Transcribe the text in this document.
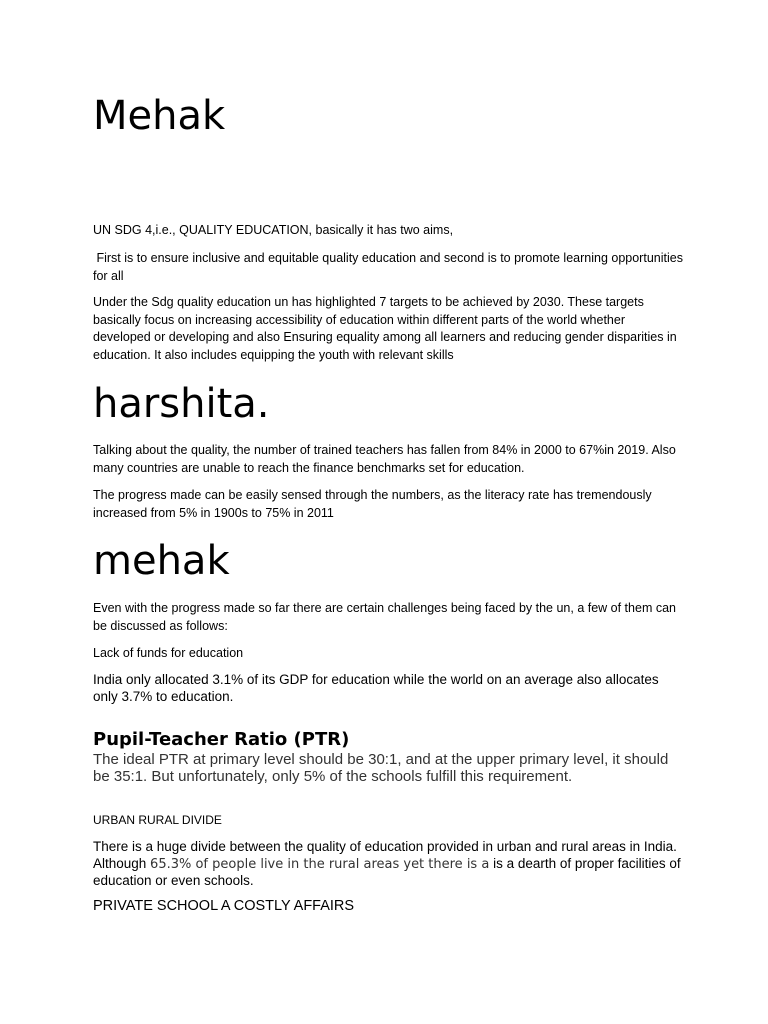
Mehak

UN SDG 4,i.e., QUALITY EDUCATION, basically it has two aims,

First is to ensure inclusive and equitable quality education and second is to promote learning opportunities for all

Under the Sdg quality education un has highlighted 7 targets to be achieved by 2030. These targets basically focus on increasing accessibility of education within different parts of the world whether developed or developing and also Ensuring equality among all learners and reducing gender disparities in education. It also includes equipping the youth with relevant skills

harshita.

Talking about the quality, the number of trained teachers has fallen from 84% in 2000 to 67%in 2019. Also many countries are unable to reach the finance benchmarks set for education.

The progress made can be easily sensed through the numbers, as the literacy rate has tremendously increased from 5% in 1900s to 75% in 2011

mehak

Even with the progress made so far there are certain challenges being faced by the un, a few of them can be discussed as follows:

Lack of funds for education

India only allocated 3.1% of its GDP for education while the world on an average also allocates only 3.7% to education.

Pupil-Teacher Ratio (PTR)

The ideal PTR at primary level should be 30:1, and at the upper primary level, it should be 35:1. But unfortunately, only 5% of the schools fulfill this requirement.

URBAN RURAL DIVIDE

There is a huge divide between the quality of education provided in urban and rural areas in India. Although 65.3% of people live in the rural areas yet there is a is a dearth of proper facilities of education or even schools.

PRIVATE SCHOOL A COSTLY AFFAIRS
